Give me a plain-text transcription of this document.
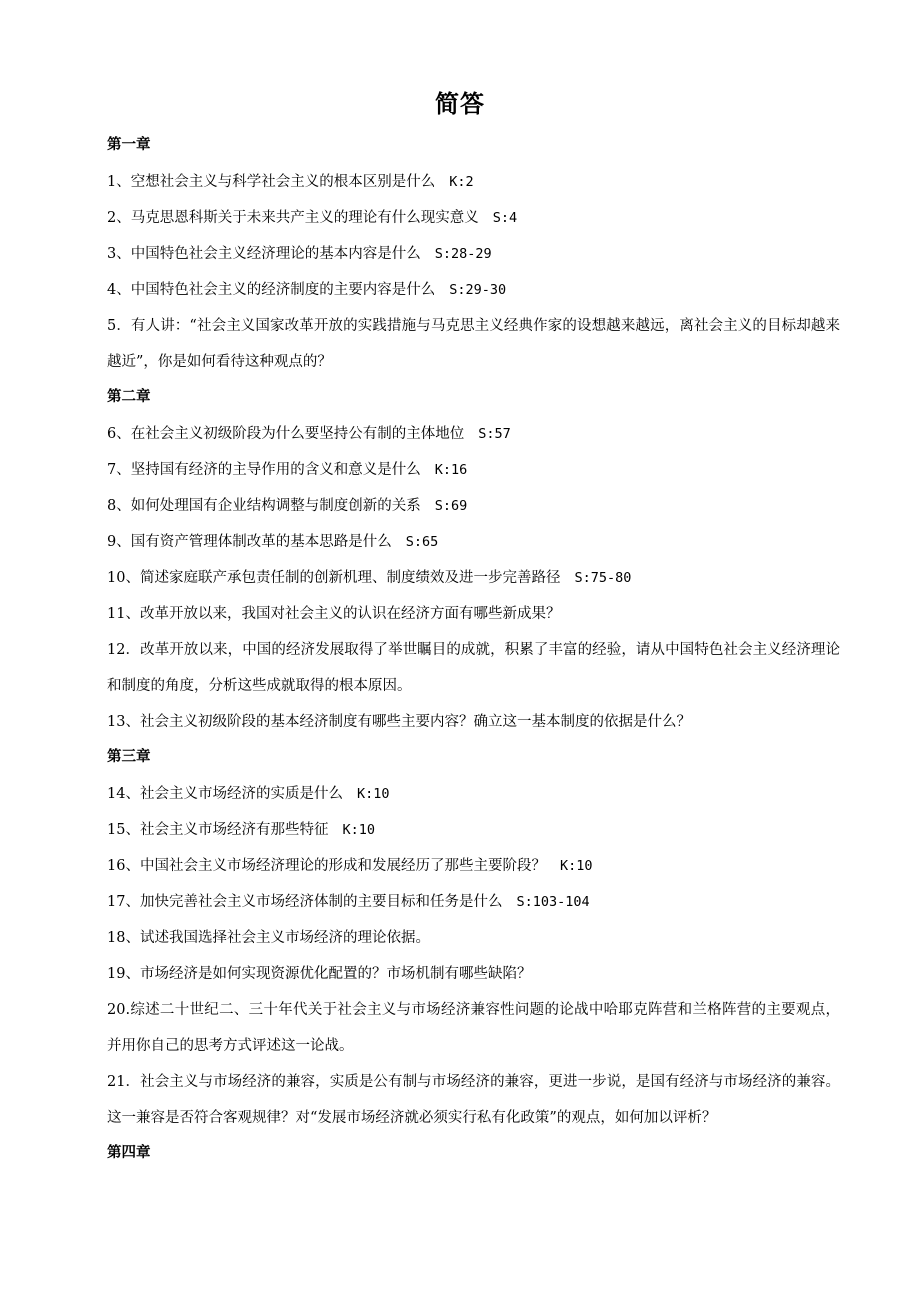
简答
第一章
1、空想社会主义与科学社会主义的根本区别是什么 K:2
2、马克思恩科斯关于未来共产主义的理论有什么现实意义 S:4
3、中国特色社会主义经济理论的基本内容是什么 S:28-29
4、中国特色社会主义的经济制度的主要内容是什么 S:29-30
5．有人讲：“社会主义国家改革开放的实践措施与马克思主义经典作家的设想越来越远，离社会主义的目标却越来越近”，你是如何看待这种观点的？
第二章
6、在社会主义初级阶段为什么要坚持公有制的主体地位 S:57
7、坚持国有经济的主导作用的含义和意义是什么 K:16
8、如何处理国有企业结构调整与制度创新的关系 S:69
9、国有资产管理体制改革的基本思路是什么 S:65
10、简述家庭联产承包责任制的创新机理、制度绩效及进一步完善路径 S:75-80
11、改革开放以来，我国对社会主义的认识在经济方面有哪些新成果？
12．改革开放以来，中国的经济发展取得了举世瞩目的成就，积累了丰富的经验，请从中国特色社会主义经济理论和制度的角度，分析这些成就取得的根本原因。
13、社会主义初级阶段的基本经济制度有哪些主要内容？确立这一基本制度的依据是什么？
第三章
14、社会主义市场经济的实质是什么 K:10
15、社会主义市场经济有那些特征 K:10
16、中国社会主义市场经济理论的形成和发展经历了那些主要阶段？ K:10
17、加快完善社会主义市场经济体制的主要目标和任务是什么 S:103-104
18、试述我国选择社会主义市场经济的理论依据。
19、市场经济是如何实现资源优化配置的？市场机制有哪些缺陷？
20.综述二十世纪二、三十年代关于社会主义与市场经济兼容性问题的论战中哈耶克阵营和兰格阵营的主要观点，并用你自己的思考方式评述这一论战。
21．社会主义与市场经济的兼容，实质是公有制与市场经济的兼容，更进一步说，是国有经济与市场经济的兼容。这一兼容是否符合客观规律？对“发展市场经济就必须实行私有化政策”的观点，如何加以评析？
第四章
